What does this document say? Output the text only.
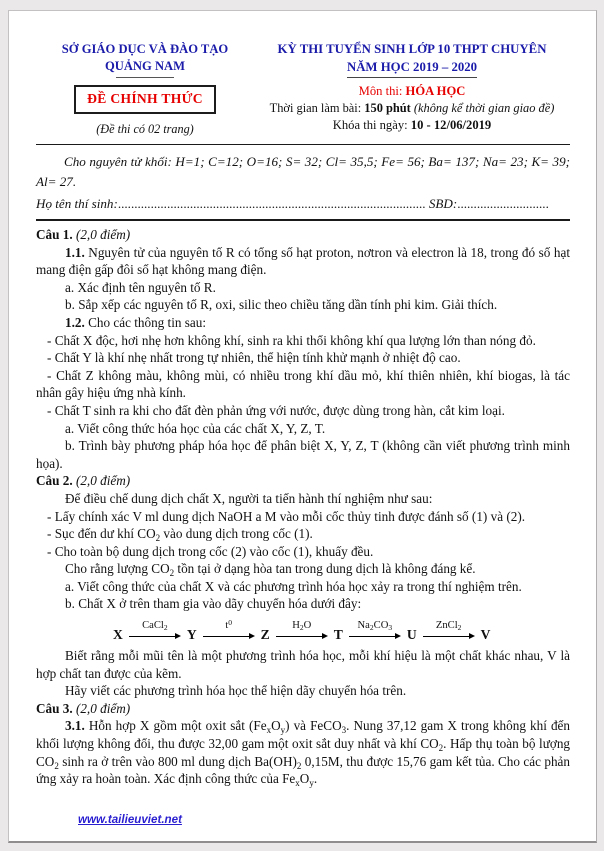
SỞ GIÁO DỤC VÀ ĐÀO TẠO
QUẢNG NAM
ĐỀ CHÍNH THỨC
(Đề thi có 02 trang)
KỲ THI TUYỂN SINH LỚP 10 THPT CHUYÊN
NĂM HỌC 2019 – 2020
Môn thi: HÓA HỌC
Thời gian làm bài: 150 phút (không kể thời gian giao đề)
Khóa thi ngày: 10 - 12/06/2019

Cho nguyên tử khối: H=1; C=12; O=16; S= 32; Cl= 35,5; Fe= 56; Ba= 137; Na= 23; K= 39; Al= 27.

Họ tên thí sinh:.............................................................................................. SBD:............................

Câu 1. (2,0 điểm)

1.1. Nguyên tử của nguyên tố R có tổng số hạt proton, nơtron và electron là 18, trong đó số hạt mang điện gấp đôi số hạt không mang điện.

a. Xác định tên nguyên tố R.

b. Sắp xếp các nguyên tố R, oxi, silic theo chiều tăng dần tính phi kim. Giải thích.

1.2. Cho các thông tin sau:

- Chất X độc, hơi nhẹ hơn không khí, sinh ra khi thổi không khí qua lượng lớn than nóng đỏ.

- Chất Y là khí nhẹ nhất trong tự nhiên, thể hiện tính khử mạnh ở nhiệt độ cao.

- Chất Z không màu, không mùi, có nhiều trong khí dầu mỏ, khí thiên nhiên, khí biogas, là tác nhân gây hiệu ứng nhà kính.

- Chất T sinh ra khi cho đất đèn phản ứng với nước, được dùng trong hàn, cắt kim loại.

a. Viết công thức hóa học của các chất X, Y, Z, T.

b. Trình bày phương pháp hóa học để phân biệt X, Y, Z, T (không cần viết phương trình minh họa).

Câu 2. (2,0 điểm)

Để điều chế dung dịch chất X, người ta tiến hành thí nghiệm như sau:

- Lấy chính xác V ml dung dịch NaOH a M vào mỗi cốc thủy tinh được đánh số (1) và (2).

- Sục đến dư khí $CO_2$ vào dung dịch trong cốc (1).

- Cho toàn bộ dung dịch trong cốc (2) vào cốc (1), khuấy đều.

Cho rằng lượng $CO_2$ tồn tại ở dạng hòa tan trong dung dịch là không đáng kể.

a. Viết công thức của chất X và các phương trình hóa học xảy ra trong thí nghiệm trên.

b. Chất X ở trên tham gia vào dãy chuyển hóa dưới đây:

X
CaCl$_2$	Y
$t^0$
Z
$H_2O$
T
$Na_2CO_3$	U
ZnCl$_2$	V

Biết rằng mỗi mũi tên là một phương trình hóa học, mỗi khí hiệu là một chất khác nhau, V là hợp chất tan được của kẽm.

Hãy viết các phương trình hóa học thể hiện dãy chuyển hóa trên.

Câu 3. (2,0 điểm)

3.1. Hỗn hợp X gồm một oxit sắt $(Fe_xO_y)$ và FeCO$_3$. Nung 37,12 gam X trong không khí đến khối lượng không đổi, thu được 32,00 gam một oxit sắt duy nhất và khí $CO_2$. Hấp thụ toàn bộ lượng $CO_2$ sinh ra ở trên vào 800 ml dung dịch $Ba(OH)_2$ 0,15M, thu được 15,76 gam kết tủa. Cho các phản ứng xảy ra hoàn toàn. Xác định công thức của $Fe_xO_y$.

www.tailieuviet.net
